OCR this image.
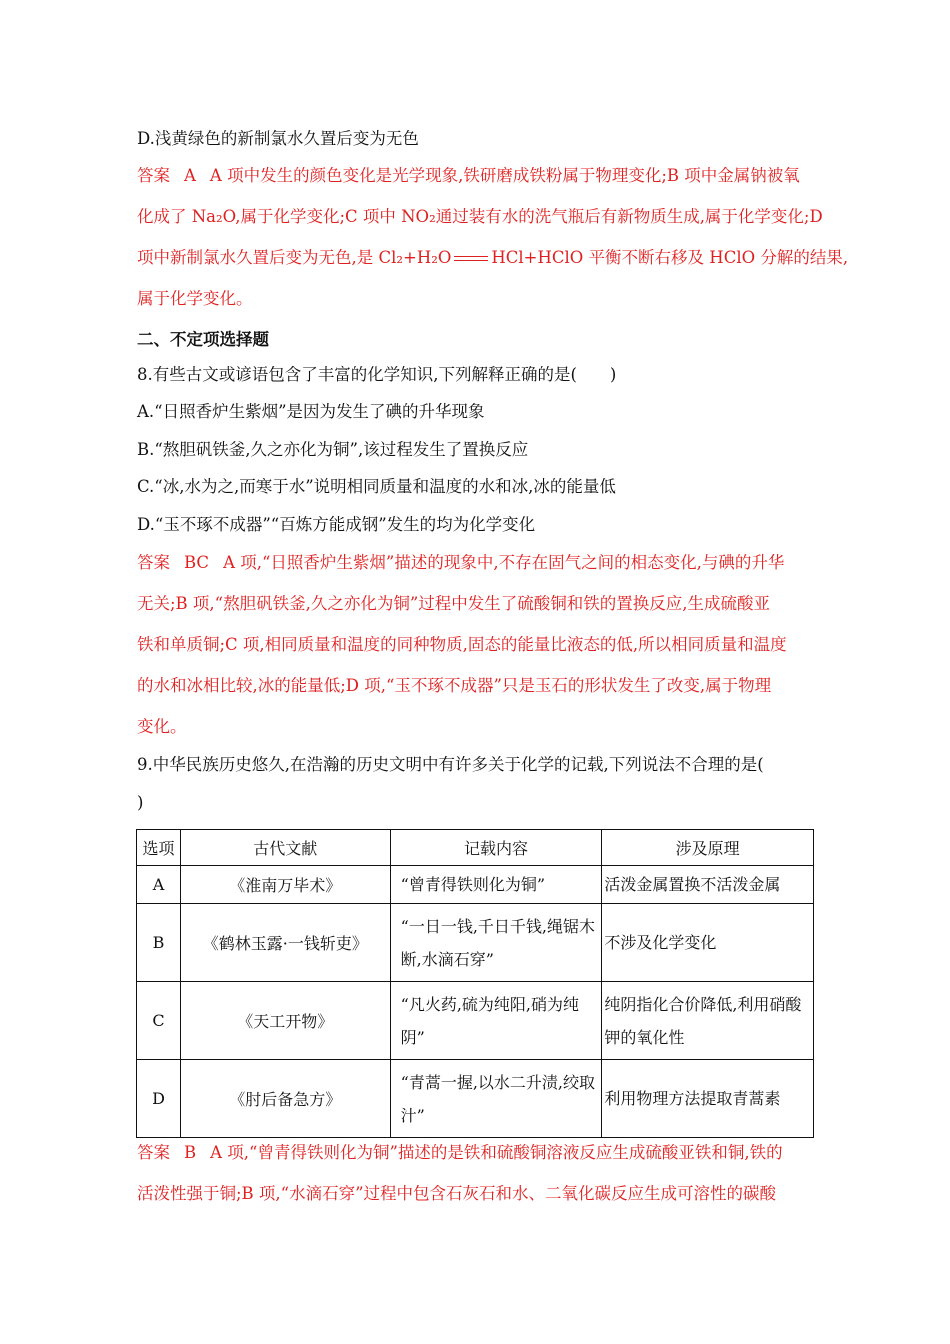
D.浅黄绿色的新制氯水久置后变为无色
答案 A A 项中发生的颜色变化是光学现象,铁研磨成铁粉属于物理变化;B 项中金属钠被氧
化成了 Na₂O,属于化学变化;C 项中 NO₂通过装有水的洗气瓶后有新物质生成,属于化学变化;D
项中新制氯水久置后变为无色,是 Cl₂+H₂O HCl+HClO 平衡不断右移及 HClO 分解的结果,
属于化学变化。
二、不定项选择题
8.有些古文或谚语包含了丰富的化学知识,下列解释正确的是(　　)
A.“日照香炉生紫烟”是因为发生了碘的升华现象
B.“熬胆矾铁釜,久之亦化为铜”,该过程发生了置换反应
C.“冰,水为之,而寒于水”说明相同质量和温度的水和冰,冰的能量低
D.“玉不琢不成器”“百炼方能成钢”发生的均为化学变化
答案 BC A 项,“日照香炉生紫烟”描述的现象中,不存在固气之间的相态变化,与碘的升华
无关;B 项,“熬胆矾铁釜,久之亦化为铜”过程中发生了硫酸铜和铁的置换反应,生成硫酸亚
铁和单质铜;C 项,相同质量和温度的同种物质,固态的能量比液态的低,所以相同质量和温度
的水和冰相比较,冰的能量低;D 项,“玉不琢不成器”只是玉石的形状发生了改变,属于物理
变化。
9.中华民族历史悠久,在浩瀚的历史文明中有许多关于化学的记载,下列说法不合理的是(
)
选项	古代文献	记载内容	涉及原理
A	《淮南万毕术》	“曾青得铁则化为铜”	活泼金属置换不活泼金属
B	《鹤林玉露·一钱斩吏》	“一日一钱,千日千钱,绳锯木断,水滴石穿”	不涉及化学变化
C	《天工开物》	“凡火药,硫为纯阳,硝为纯阴”	纯阴指化合价降低,利用硝酸钾的氧化性
D	《肘后备急方》	“青蒿一握,以水二升渍,绞取汁”	利用物理方法提取青蒿素
答案 B A 项,“曾青得铁则化为铜”描述的是铁和硫酸铜溶液反应生成硫酸亚铁和铜,铁的
活泼性强于铜;B 项,“水滴石穿”过程中包含石灰石和水、二氧化碳反应生成可溶性的碳酸
